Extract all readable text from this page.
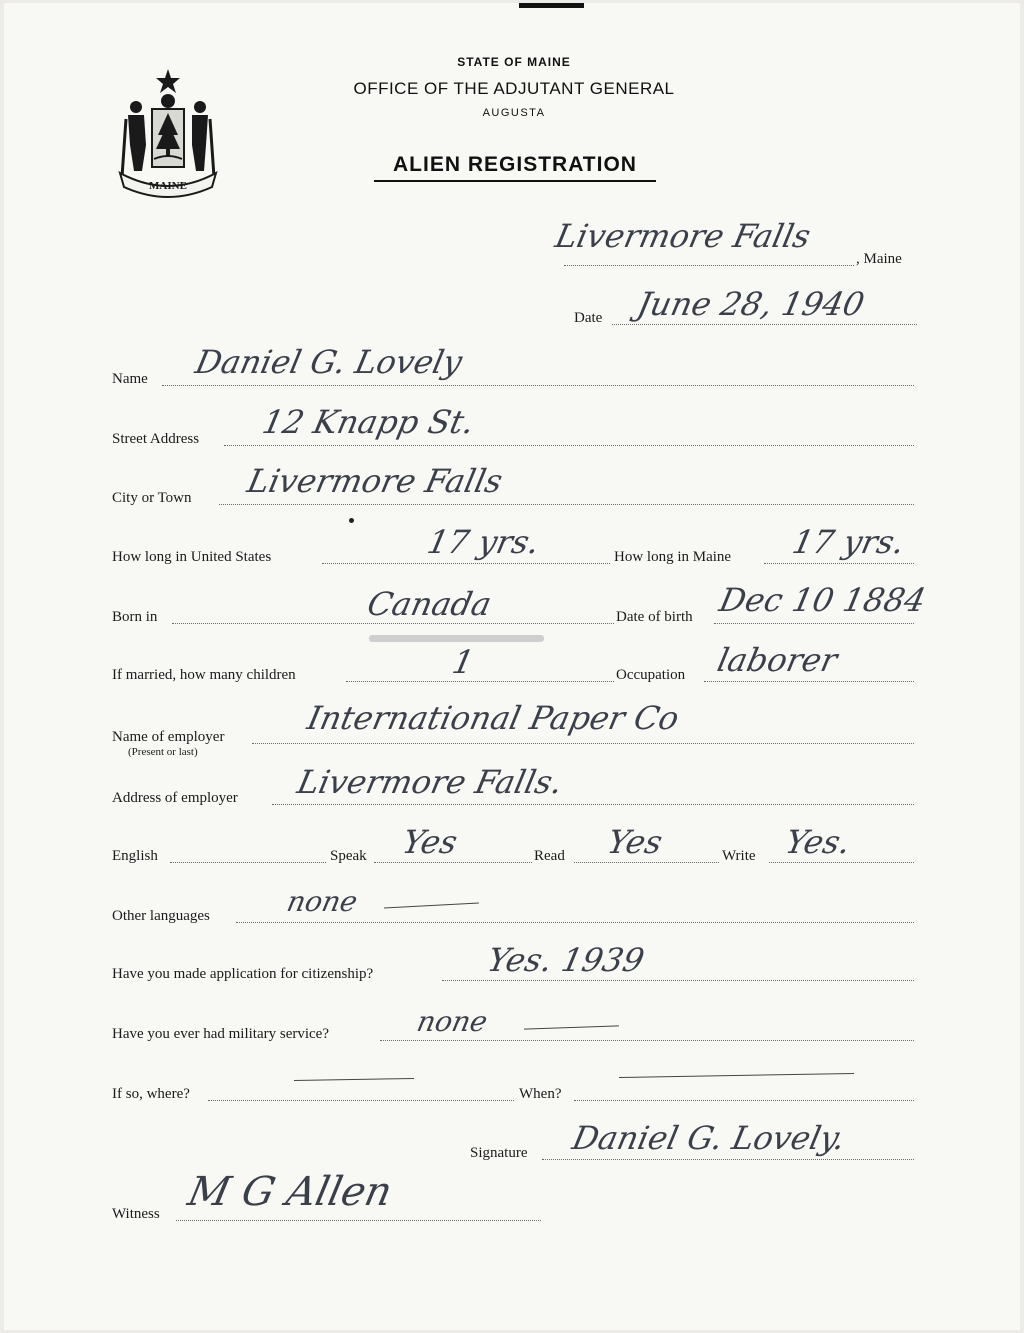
MAINE
STATE OF MAINE
OFFICE OF THE ADJUTANT GENERAL
AUGUSTA
ALIEN REGISTRATION
Livermore Falls
, Maine
Date June 28, 1940
Name Daniel G. Lovely
Street Address 12 Knapp St.
City or Town Livermore Falls
How long in United States	17 yrs.	How long in Maine 17 yrs.
Born in	Canada	Date of birth Dec 10 1884
If married, how many children	1	Occupation laborer
Name of employer
(Present or last)
International Paper Co
Address of employer Livermore Falls.
English	Speak Yes	Read Yes	Write Yes.
Other languages	none
Have you made application for citizenship?	Yes. 1939
Have you ever had military service?	none
If so, where?	When?
Signature Daniel G. Lovely.
Witness M G Allen
